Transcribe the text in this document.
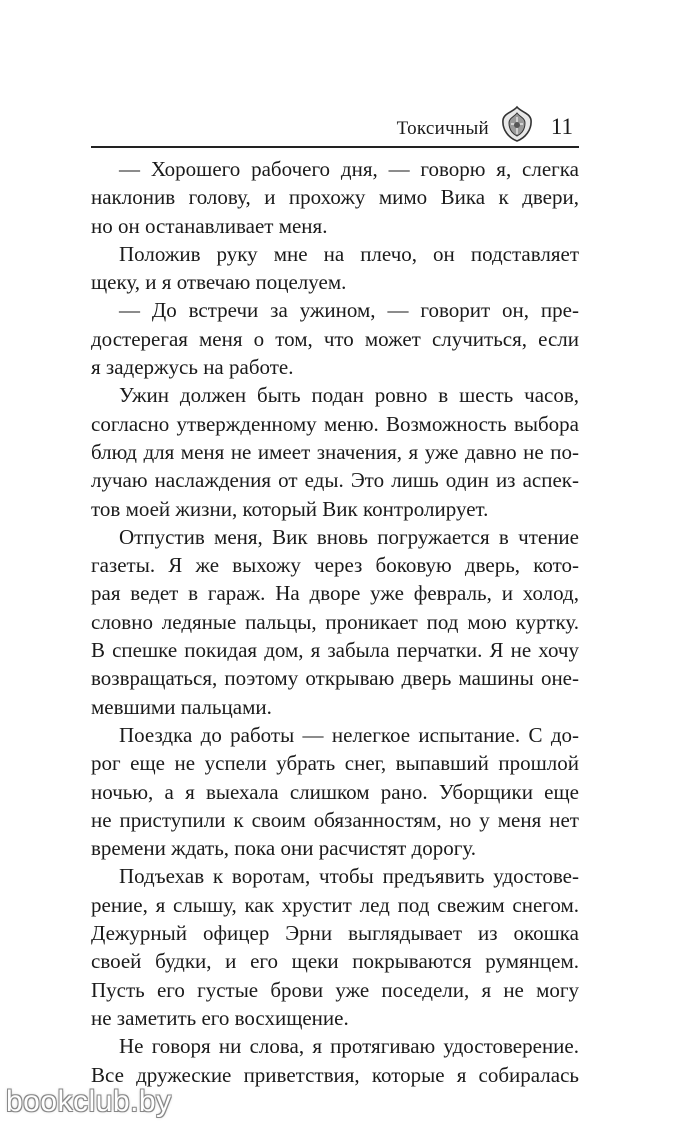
Токсичный	11
— Хорошего рабочего дня, — говорю я, слегка
наклонив голову, и прохожу мимо Вика к двери,
но он останавливает меня.
Положив руку мне на плечо, он подставляет
щеку, и я отвечаю поцелуем.
— До встречи за ужином, — говорит он, пре-
достерегая меня о том, что может случиться, если
я задержусь на работе.
Ужин должен быть подан ровно в шесть часов,
согласно утвержденному меню. Возможность выбора
блюд для меня не имеет значения, я уже давно не по-
лучаю наслаждения от еды. Это лишь один из аспек-
тов моей жизни, который Вик контролирует.
Отпустив меня, Вик вновь погружается в чтение
газеты. Я же выхожу через боковую дверь, кото-
рая ведет в гараж. На дворе уже февраль, и холод,
словно ледяные пальцы, проникает под мою куртку.
В спешке покидая дом, я забыла перчатки. Я не хочу
возвращаться, поэтому открываю дверь машины оне-
мевшими пальцами.
Поездка до работы — нелегкое испытание. С до-
рог еще не успели убрать снег, выпавший прошлой
ночью, а я выехала слишком рано. Уборщики еще
не приступили к своим обязанностям, но у меня нет
времени ждать, пока они расчистят дорогу.
Подъехав к воротам, чтобы предъявить удостове-
рение, я слышу, как хрустит лед под свежим снегом.
Дежурный офицер Эрни выглядывает из окошка
своей будки, и его щеки покрываются румянцем.
Пусть его густые брови уже поседели, я не могу
не заметить его восхищение.
Не говоря ни слова, я протягиваю удостоверение.
Все дружеские приветствия, которые я собиралась
bookclub.by
